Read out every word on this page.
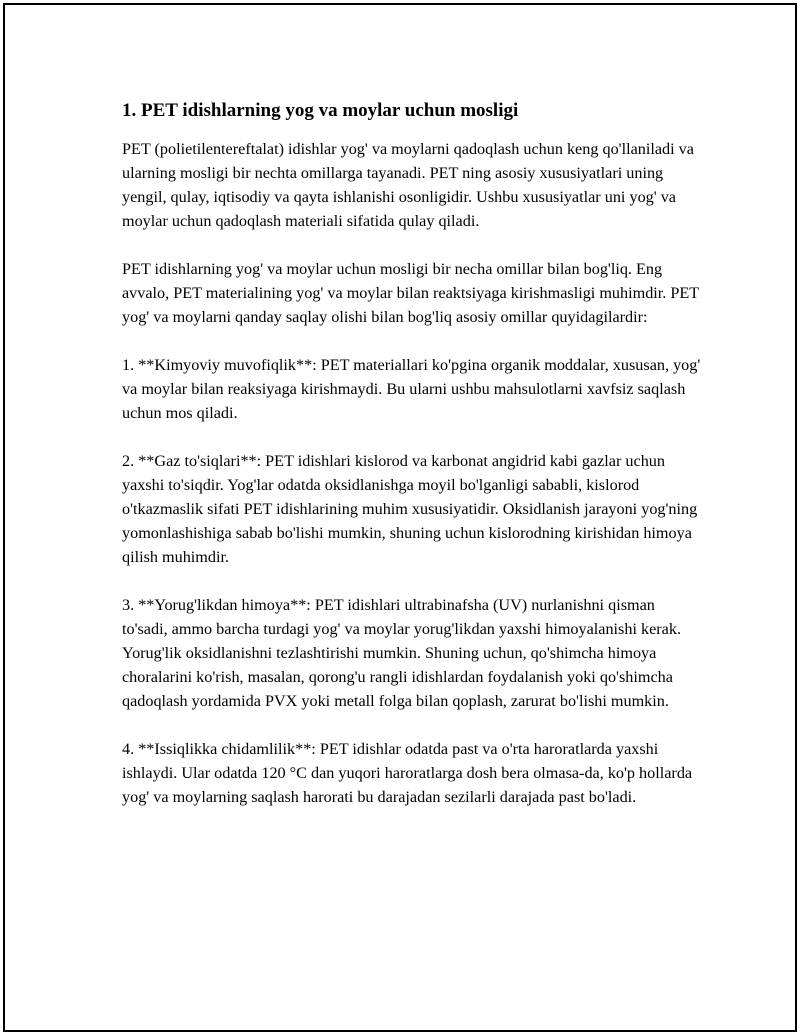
1. PET idishlarning yog va moylar uchun mosligi

PET (polietilentereftalat) idishlar yog' va moylarni qadoqlash uchun keng qo'llaniladi va ularning mosligi bir nechta omillarga tayanadi. PET ning asosiy xususiyatlari uning yengil, qulay, iqtisodiy va qayta ishlanishi osonligidir. Ushbu xususiyatlar uni yog' va moylar uchun qadoqlash materiali sifatida qulay qiladi.

PET idishlarning yog' va moylar uchun mosligi bir necha omillar bilan bog'liq. Eng avvalo, PET materialining yog' va moylar bilan reaktsiyaga kirishmasligi muhimdir. PET yog' va moylarni qanday saqlay olishi bilan bog'liq asosiy omillar quyidagilardir:

1. **Kimyoviy muvofiqlik**: PET materiallari ko'pgina organik moddalar, xususan, yog' va moylar bilan reaksiyaga kirishmaydi. Bu ularni ushbu mahsulotlarni xavfsiz saqlash uchun mos qiladi.

2. **Gaz to'siqlari**: PET idishlari kislorod va karbonat angidrid kabi gazlar uchun yaxshi to'siqdir. Yog'lar odatda oksidlanishga moyil bo'lganligi sababli, kislorod o'tkazmaslik sifati PET idishlarining muhim xususiyatidir. Oksidlanish jarayoni yog'ning yomonlashishiga sabab bo'lishi mumkin, shuning uchun kislorodning kirishidan himoya qilish muhimdir.

3. **Yorug'likdan himoya**: PET idishlari ultrabinafsha (UV) nurlanishni qisman to'sadi, ammo barcha turdagi yog' va moylar yorug'likdan yaxshi himoyalanishi kerak. Yorug'lik oksidlanishni tezlashtirishi mumkin. Shuning uchun, qo'shimcha himoya choralarini ko'rish, masalan, qorong'u rangli idishlardan foydalanish yoki qo'shimcha qadoqlash yordamida PVX yoki metall folga bilan qoplash, zarurat bo'lishi mumkin.

4. **Issiqlikka chidamlilik**: PET idishlar odatda past va o'rta haroratlarda yaxshi ishlaydi. Ular odatda 120 °C dan yuqori haroratlarga dosh bera olmasa-da, ko'p hollarda yog' va moylarning saqlash harorati bu darajadan sezilarli darajada past bo'ladi.
